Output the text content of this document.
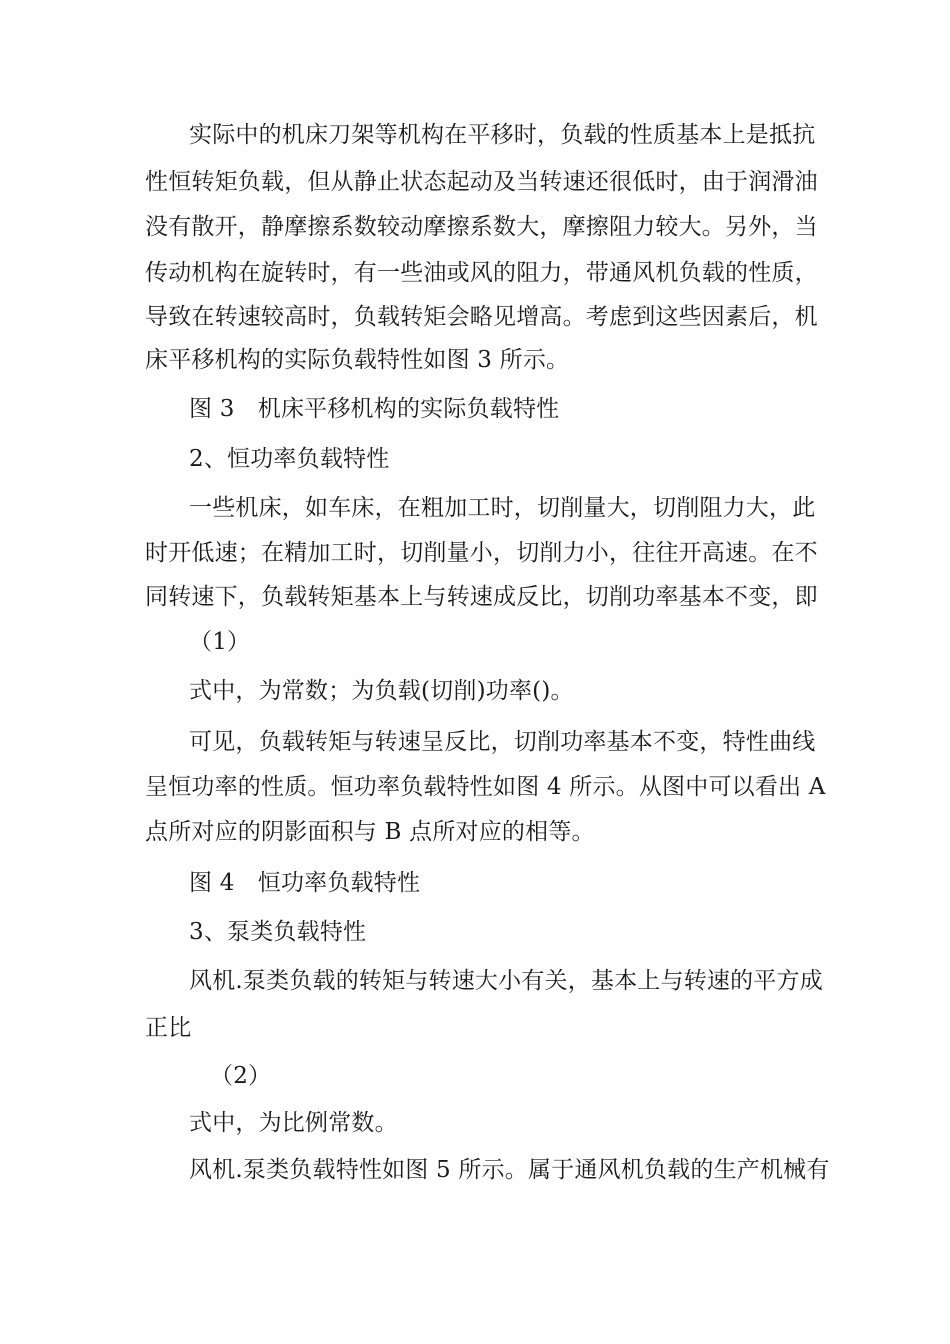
实际中的机床刀架等机构在平移时，负载的性质基本上是抵抗
性恒转矩负载，但从静止状态起动及当转速还很低时，由于润滑油
没有散开，静摩擦系数较动摩擦系数大，摩擦阻力较大。另外，当
传动机构在旋转时，有一些油或风的阻力，带通风机负载的性质，
导致在转速较高时，负载转矩会略见增高。考虑到这些因素后，机
床平移机构的实际负载特性如图 3 所示。
图 3　机床平移机构的实际负载特性
2、恒功率负载特性
一些机床，如车床，在粗加工时，切削量大，切削阻力大，此
时开低速；在精加工时，切削量小，切削力小，往往开高速。在不
同转速下，负载转矩基本上与转速成反比，切削功率基本不变，即
（1）
式中，为常数；为负载(切削)功率()。
可见，负载转矩与转速呈反比，切削功率基本不变，特性曲线
呈恒功率的性质。恒功率负载特性如图 4 所示。从图中可以看出 A
点所对应的阴影面积与 B 点所对应的相等。
图 4　恒功率负载特性
3、泵类负载特性
风机.泵类负载的转矩与转速大小有关，基本上与转速的平方成
正比
（2）
式中，为比例常数。
风机.泵类负载特性如图 5 所示。属于通风机负载的生产机械有
